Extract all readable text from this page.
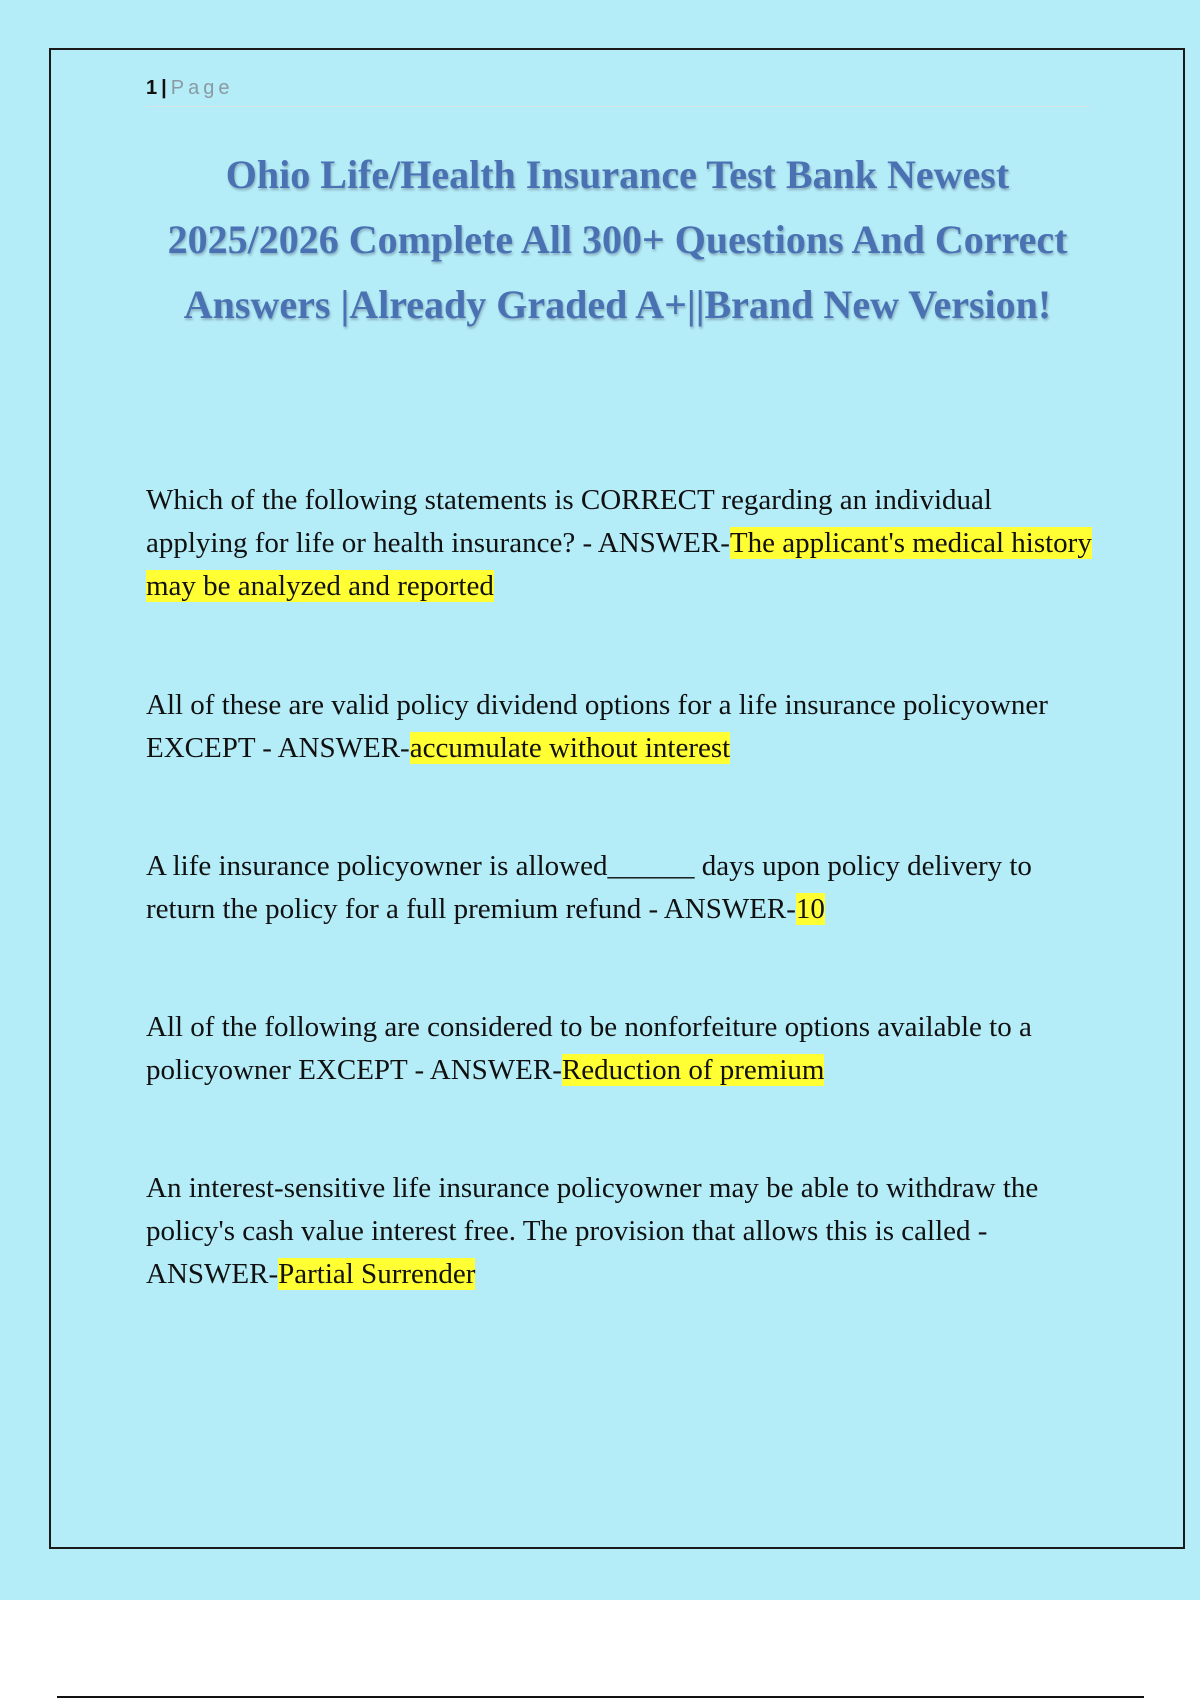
1 | Page
Ohio Life/Health Insurance Test Bank Newest 2025/2026 Complete All 300+ Questions And Correct Answers |Already Graded A+||Brand New Version!

Which of the following statements is CORRECT regarding an individual applying for life or health insurance? - ANSWER-The applicant's medical history may be analyzed and reported

All of these are valid policy dividend options for a life insurance policyowner EXCEPT - ANSWER-accumulate without interest

A life insurance policyowner is allowed______ days upon policy delivery to return the policy for a full premium refund - ANSWER-10

All of the following are considered to be nonforfeiture options available to a policyowner EXCEPT - ANSWER-Reduction of premium

An interest-sensitive life insurance policyowner may be able to withdraw the policy's cash value interest free. The provision that allows this is called - ANSWER-Partial Surrender
